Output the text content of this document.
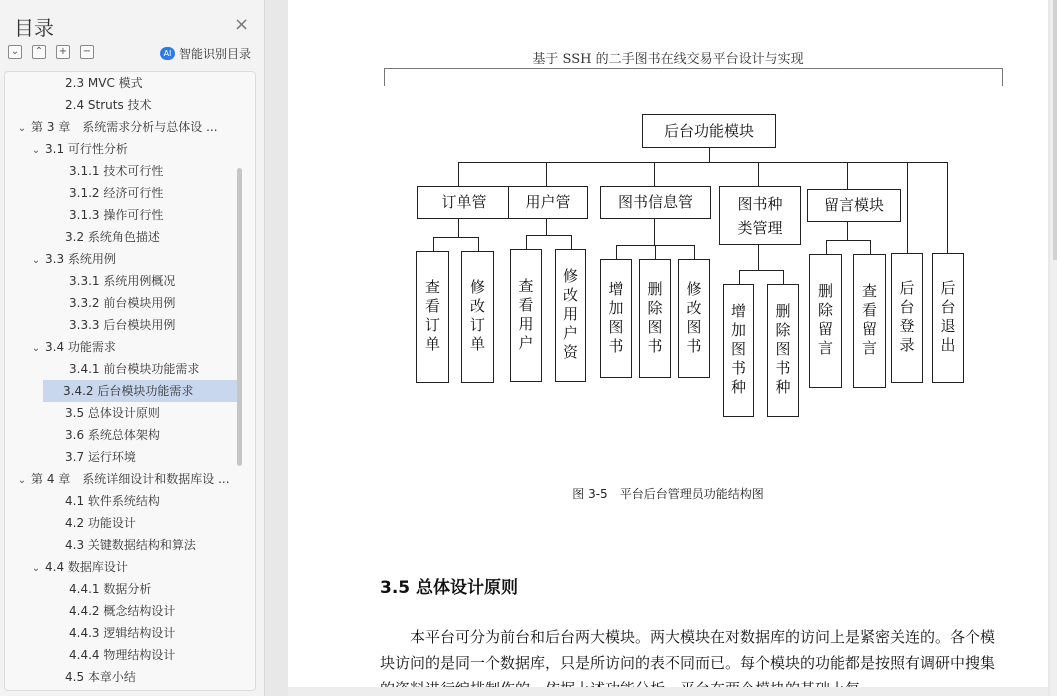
目录	×
⌄ ⌃ + −	AI 智能识别目录
2.3 MVC 模式
2.4 Struts 技术
⌄ 第 3 章　系统需求分析与总体设 ...
⌄ 3.1 可行性分析
3.1.1 技术可行性
3.1.2 经济可行性
3.1.3 操作可行性
3.2 系统角色描述
⌄ 3.3 系统用例
3.3.1 系统用例概况
3.3.2 前台模块用例
3.3.3 后台模块用例
⌄ 3.4 功能需求
3.4.1 前台模块功能需求
3.4.2 后台模块功能需求
3.5 总体设计原则
3.6 系统总体架构
3.7 运行环境
⌄ 第 4 章　系统详细设计和数据库设 ...
4.1 软件系统结构
4.2 功能设计
4.3 关键数据结构和算法
⌄ 4.4 数据库设计
4.4.1 数据分析
4.4.2 概念结构设计
4.4.3 逻辑结构设计
4.4.4 物理结构设计
4.5 本章小结
基于 SSH 的二手图书在线交易平台设计与实现
后台功能模块
订单管
查看订单	修改订单
用户管
查看用户	修改用户资
图书信息管
增加图书	删除图书	修改图书
图书种类管理
增加图书种	删除图书种
留言模块
删除留言	查看留言	后台登录	后台退出
图 3-5　平台后台管理员功能结构图
3.5 总体设计原则
本平台可分为前台和后台两大模块。两大模块在对数据库的访问上是紧密关连的。各个模块访问的是同一个数据库，只是所访问的表不同而已。每个模块的功能都是按照有调研中搜集
